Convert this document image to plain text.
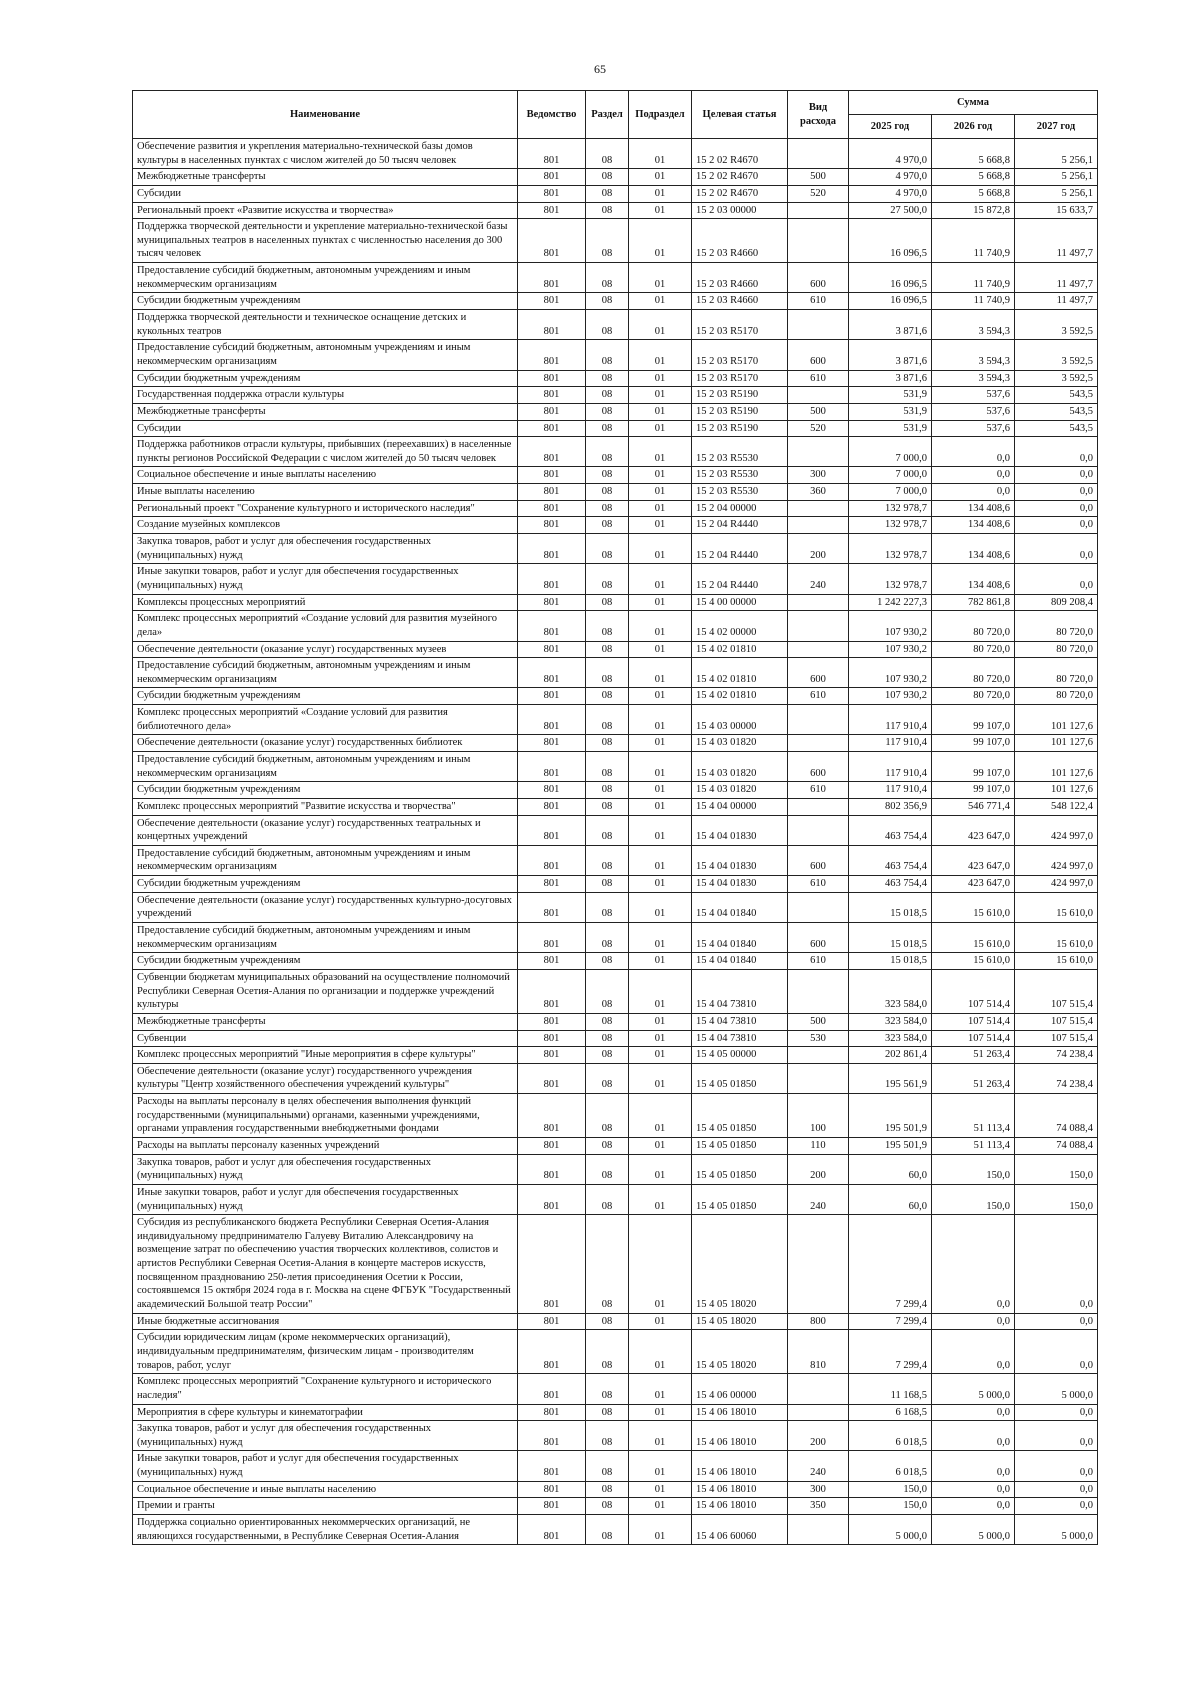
65
Наименование	Ведомство	Раздел	Подраздел	Целевая статья	Вид расхода	Сумма		
						2025 год	2026 год	2027 год
Обеспечение развития и укрепления материально-технической базы домов культуры в населенных пунктах с числом жителей до 50 тысяч человек	801	08	01	15 2 02 R4670		4 970,0	5 668,8	5 256,1
Межбюджетные трансферты	801	08	01	15 2 02 R4670	500	4 970,0	5 668,8	5 256,1
Субсидии	801	08	01	15 2 02 R4670	520	4 970,0	5 668,8	5 256,1
Региональный проект «Развитие искусства и творчества»	801	08	01	15 2 03 00000		27 500,0	15 872,8	15 633,7
Поддержка творческой деятельности и укрепление материально-технической базы муниципальных театров в населенных пунктах с численностью населения до 300 тысяч человек	801	08	01	15 2 03 R4660		16 096,5	11 740,9	11 497,7
Предоставление субсидий бюджетным, автономным учреждениям и иным некоммерческим организациям	801	08	01	15 2 03 R4660	600	16 096,5	11 740,9	11 497,7
Субсидии бюджетным учреждениям	801	08	01	15 2 03 R4660	610	16 096,5	11 740,9	11 497,7
Поддержка творческой деятельности и техническое оснащение детских и кукольных театров	801	08	01	15 2 03 R5170		3 871,6	3 594,3	3 592,5
Предоставление субсидий бюджетным, автономным учреждениям и иным некоммерческим организациям	801	08	01	15 2 03 R5170	600	3 871,6	3 594,3	3 592,5
Субсидии бюджетным учреждениям	801	08	01	15 2 03 R5170	610	3 871,6	3 594,3	3 592,5
Государственная поддержка отрасли культуры	801	08	01	15 2 03 R5190		531,9	537,6	543,5
Межбюджетные трансферты	801	08	01	15 2 03 R5190	500	531,9	537,6	543,5
Субсидии	801	08	01	15 2 03 R5190	520	531,9	537,6	543,5
Поддержка работников отрасли культуры, прибывших (переехавших) в населенные пункты регионов Российской Федерации с числом жителей до 50 тысяч человек	801	08	01	15 2 03 R5530		7 000,0	0,0	0,0
Социальное обеспечение и иные выплаты населению	801	08	01	15 2 03 R5530	300	7 000,0	0,0	0,0
Иные выплаты населению	801	08	01	15 2 03 R5530	360	7 000,0	0,0	0,0
Региональный проект "Сохранение культурного и исторического наследия"	801	08	01	15 2 04 00000		132 978,7	134 408,6	0,0
Создание музейных комплексов	801	08	01	15 2 04 R4440		132 978,7	134 408,6	0,0
Закупка товаров, работ и услуг для обеспечения государственных (муниципальных) нужд	801	08	01	15 2 04 R4440	200	132 978,7	134 408,6	0,0
Иные закупки товаров, работ и услуг для обеспечения государственных (муниципальных) нужд	801	08	01	15 2 04 R4440	240	132 978,7	134 408,6	0,0
Комплексы процессных мероприятий	801	08	01	15 4 00 00000		1 242 227,3	782 861,8	809 208,4
Комплекс процессных мероприятий «Создание условий для развития музейного дела»	801	08	01	15 4 02 00000		107 930,2	80 720,0	80 720,0
Обеспечение деятельности (оказание услуг) государственных музеев	801	08	01	15 4 02 01810		107 930,2	80 720,0	80 720,0
Предоставление субсидий бюджетным, автономным учреждениям и иным некоммерческим организациям	801	08	01	15 4 02 01810	600	107 930,2	80 720,0	80 720,0
Субсидии бюджетным учреждениям	801	08	01	15 4 02 01810	610	107 930,2	80 720,0	80 720,0
Комплекс процессных мероприятий «Создание условий для развития библиотечного дела»	801	08	01	15 4 03 00000		117 910,4	99 107,0	101 127,6
Обеспечение деятельности (оказание услуг) государственных библиотек	801	08	01	15 4 03 01820		117 910,4	99 107,0	101 127,6
Предоставление субсидий бюджетным, автономным учреждениям и иным некоммерческим организациям	801	08	01	15 4 03 01820	600	117 910,4	99 107,0	101 127,6
Субсидии бюджетным учреждениям	801	08	01	15 4 03 01820	610	117 910,4	99 107,0	101 127,6
Комплекс процессных мероприятий "Развитие искусства и творчества"	801	08	01	15 4 04 00000		802 356,9	546 771,4	548 122,4
Обеспечение деятельности (оказание услуг) государственных театральных и концертных учреждений	801	08	01	15 4 04 01830		463 754,4	423 647,0	424 997,0
Предоставление субсидий бюджетным, автономным учреждениям и иным некоммерческим организациям	801	08	01	15 4 04 01830	600	463 754,4	423 647,0	424 997,0
Субсидии бюджетным учреждениям	801	08	01	15 4 04 01830	610	463 754,4	423 647,0	424 997,0
Обеспечение деятельности (оказание услуг) государственных культурно-досуговых учреждений	801	08	01	15 4 04 01840		15 018,5	15 610,0	15 610,0
Предоставление субсидий бюджетным, автономным учреждениям и иным некоммерческим организациям	801	08	01	15 4 04 01840	600	15 018,5	15 610,0	15 610,0
Субсидии бюджетным учреждениям	801	08	01	15 4 04 01840	610	15 018,5	15 610,0	15 610,0
Субвенции бюджетам муниципальных образований на осуществление полномочий Республики Северная Осетия-Алания по организации и поддержке учреждений культуры	801	08	01	15 4 04 73810		323 584,0	107 514,4	107 515,4
Межбюджетные трансферты	801	08	01	15 4 04 73810	500	323 584,0	107 514,4	107 515,4
Субвенции	801	08	01	15 4 04 73810	530	323 584,0	107 514,4	107 515,4
Комплекс процессных мероприятий "Иные мероприятия в сфере культуры"	801	08	01	15 4 05 00000		202 861,4	51 263,4	74 238,4
Обеспечение деятельности (оказание услуг) государственного учреждения культуры "Центр хозяйственного обеспечения учреждений культуры"	801	08	01	15 4 05 01850		195 561,9	51 263,4	74 238,4
Расходы на выплаты персоналу в целях обеспечения выполнения функций государственными (муниципальными) органами, казенными учреждениями, органами управления государственными внебюджетными фондами	801	08	01	15 4 05 01850	100	195 501,9	51 113,4	74 088,4
Расходы на выплаты персоналу казенных учреждений	801	08	01	15 4 05 01850	110	195 501,9	51 113,4	74 088,4
Закупка товаров, работ и услуг для обеспечения государственных (муниципальных) нужд	801	08	01	15 4 05 01850	200	60,0	150,0	150,0
Иные закупки товаров, работ и услуг для обеспечения государственных (муниципальных) нужд	801	08	01	15 4 05 01850	240	60,0	150,0	150,0
Субсидия из республиканского бюджета Республики Северная Осетия-Алания индивидуальному предпринимателю Галуеву Виталию Александровичу на возмещение затрат по обеспечению участия творческих коллективов, солистов и артистов Республики Северная Осетия-Алания в концерте мастеров искусств, посвященном празднованию 250-летия присоединения Осетии к России, состоявшемся 15 октября 2024 года в г. Москва на сцене ФГБУК "Государственный академический Большой театр России"	801	08	01	15 4 05 18020		7 299,4	0,0	0,0
Иные бюджетные ассигнования	801	08	01	15 4 05 18020	800	7 299,4	0,0	0,0
Субсидии юридическим лицам (кроме некоммерческих организаций), индивидуальным предпринимателям, физическим лицам - производителям товаров, работ, услуг	801	08	01	15 4 05 18020	810	7 299,4	0,0	0,0
Комплекс процессных мероприятий "Сохранение культурного и исторического наследия"	801	08	01	15 4 06 00000		11 168,5	5 000,0	5 000,0
Мероприятия в сфере культуры и кинематографии	801	08	01	15 4 06 18010		6 168,5	0,0	0,0
Закупка товаров, работ и услуг для обеспечения государственных (муниципальных) нужд	801	08	01	15 4 06 18010	200	6 018,5	0,0	0,0
Иные закупки товаров, работ и услуг для обеспечения государственных (муниципальных) нужд	801	08	01	15 4 06 18010	240	6 018,5	0,0	0,0
Социальное обеспечение и иные выплаты населению	801	08	01	15 4 06 18010	300	150,0	0,0	0,0
Премии и гранты	801	08	01	15 4 06 18010	350	150,0	0,0	0,0
Поддержка социально ориентированных некоммерческих организаций, не являющихся государственными, в Республике Северная Осетия-Алания	801	08	01	15 4 06 60060		5 000,0	5 000,0	5 000,0
